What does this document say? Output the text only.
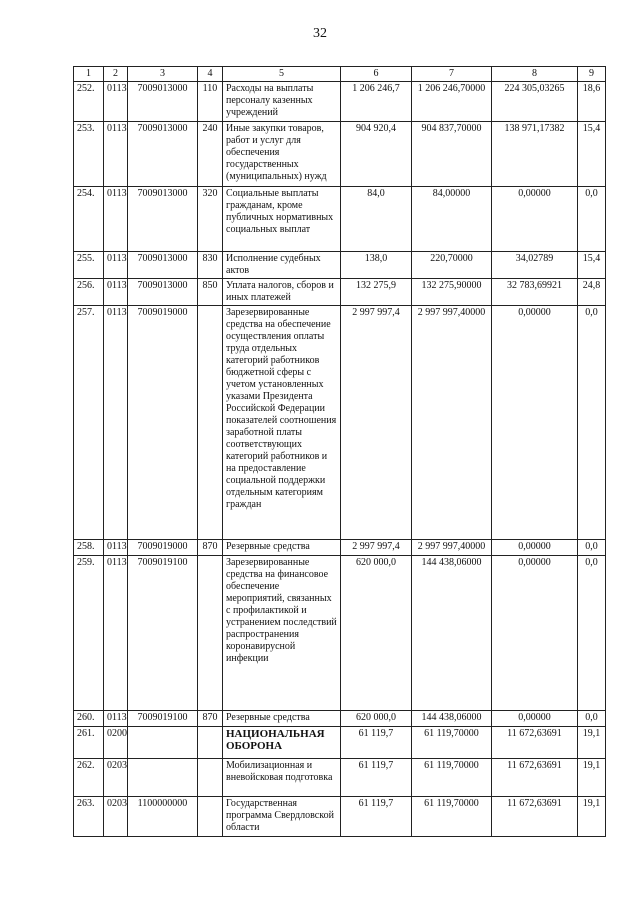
32
1	2	3	4	5	6	7	8	9
252.	0113	7009013000	110	Расходы на выплаты персоналу казенных учреждений	1 206 246,7	1 206 246,70000	224 305,03265	18,6
253.	0113	7009013000	240	Иные закупки товаров, работ и услуг для обеспечения государственных (муниципальных) нужд	904 920,4	904 837,70000	138 971,17382	15,4
254.	0113	7009013000	320	Социальные выплаты гражданам, кроме публичных нормативных социальных выплат	84,0	84,00000	0,00000	0,0
255.	0113	7009013000	830	Исполнение судебных актов	138,0	220,70000	34,02789	15,4
256.	0113	7009013000	850	Уплата налогов, сборов и иных платежей	132 275,9	132 275,90000	32 783,69921	24,8
257.	0113	7009019000		Зарезервированные средства на обеспечение осуществления оплаты труда отдельных категорий работников бюджетной сферы с учетом установленных указами Президента Российской Федерации показателей соотношения заработной платы соответствующих категорий работников и на предоставление социальной поддержки отдельным категориям граждан	2 997 997,4	2 997 997,40000	0,00000	0,0
258.	0113	7009019000	870	Резервные средства	2 997 997,4	2 997 997,40000	0,00000	0,0
259.	0113	7009019100		Зарезервированные средства на финансовое обеспечение мероприятий, связанных с профилактикой и устранением последствий распространения коронавирусной инфекции	620 000,0	144 438,06000	0,00000	0,0
260.	0113	7009019100	870	Резервные средства	620 000,0	144 438,06000	0,00000	0,0
261.	0200			НАЦИОНАЛЬНАЯ ОБОРОНА	61 119,7	61 119,70000	11 672,63691	19,1
262.	0203			Мобилизационная и вневойсковая подготовка	61 119,7	61 119,70000	11 672,63691	19,1
263.	0203	1100000000		Государственная программа Свердловской области	61 119,7	61 119,70000	11 672,63691	19,1
